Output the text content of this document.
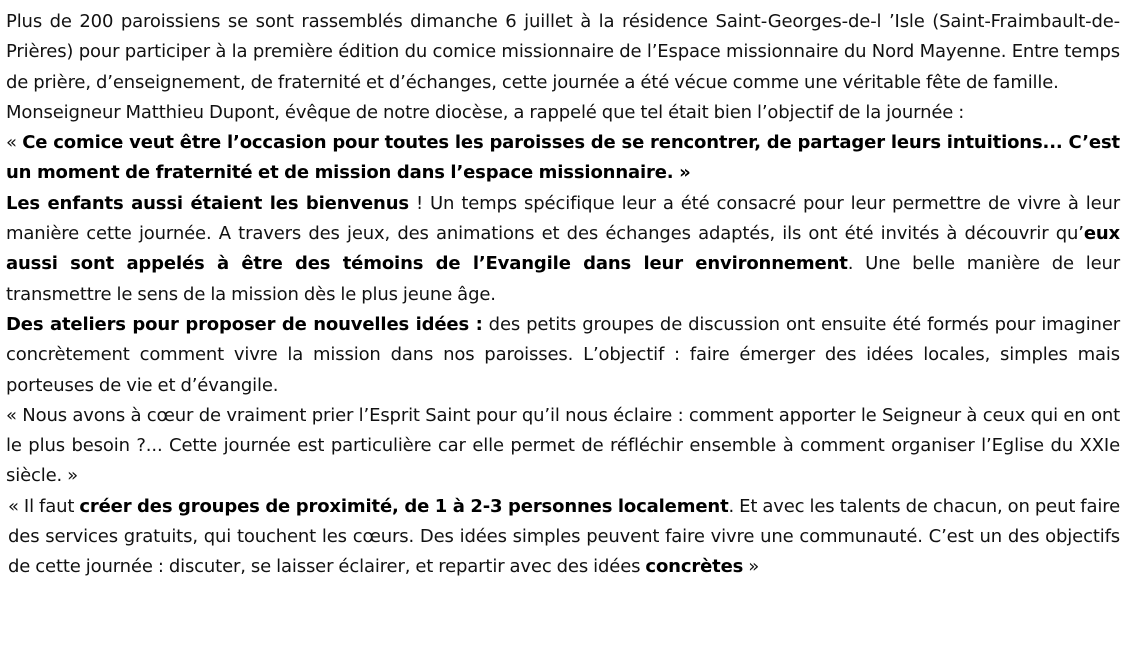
Plus de 200 paroissiens se sont rassemblés dimanche 6 juillet à la résidence Saint-Georges-de-l ’Isle (Saint-Fraimbault-de-Prières) pour participer à la première édition du comice missionnaire de l’Espace missionnaire du Nord Mayenne. Entre temps de prière, d’enseignement, de fraternité et d’échanges, cette journée a été vécue comme une véritable fête de famille.

Monseigneur Matthieu Dupont, évêque de notre diocèse, a rappelé que tel était bien l’objectif de la journée :

« Ce comice veut être l’occasion pour toutes les paroisses de se rencontrer, de partager leurs intuitions... C’est un moment de fraternité et de mission dans l’espace missionnaire. »

Les enfants aussi étaient les bienvenus ! Un temps spécifique leur a été consacré pour leur permettre de vivre à leur manière cette journée. A travers des jeux, des animations et des échanges adaptés, ils ont été invités à découvrir qu’eux aussi sont appelés à être des témoins de l’Evangile dans leur environnement. Une belle manière de leur transmettre le sens de la mission dès le plus jeune âge.

Des ateliers pour proposer de nouvelles idées : des petits groupes de discussion ont ensuite été formés pour imaginer concrètement comment vivre la mission dans nos paroisses. L’objectif : faire émerger des idées locales, simples mais porteuses de vie et d’évangile.

« Nous avons à cœur de vraiment prier l’Esprit Saint pour qu’il nous éclaire : comment apporter le Seigneur à ceux qui en ont le plus besoin ?... Cette journée est particulière car elle permet de réfléchir ensemble à comment organiser l’Eglise du XXIe siècle. »

« Il faut créer des groupes de proximité, de 1 à 2-3 personnes localement. Et avec les talents de chacun, on peut faire des services gratuits, qui touchent les cœurs. Des idées simples peuvent faire vivre une communauté. C’est un des objectifs de cette journée : discuter, se laisser éclairer, et repartir avec des idées concrètes »
